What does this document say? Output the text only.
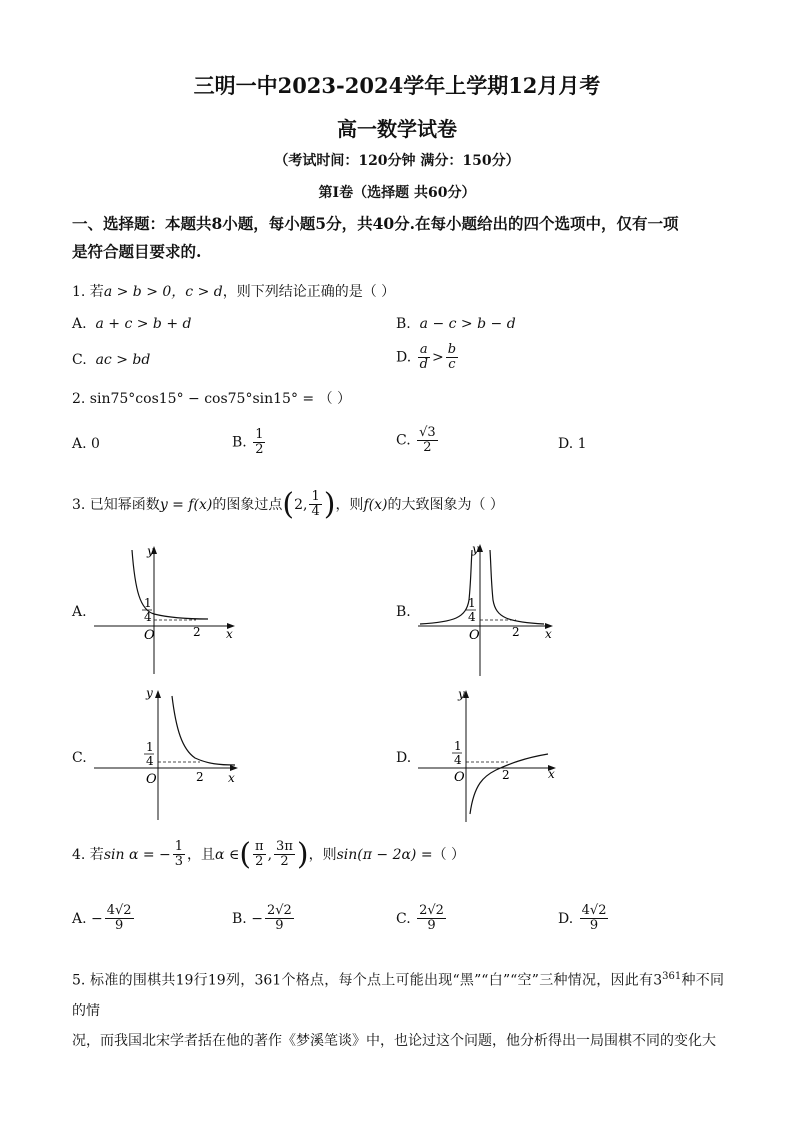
三明一中2023-2024学年上学期12月月考
高一数学试卷
（考试时间：120分钟 满分：150分）
第I卷（选择题 共60分）
一、选择题：本题共8小题，每小题5分，共40分.在每小题给出的四个选项中，仅有一项
是符合题目要求的.
1. 若a > b > 0，c > d，则下列结论正确的是（ ）
A. a + c > b + d	B. a − c > b − d
C. ac > bd	D. $\frac{a}{d} > \frac{b}{c}$
2. sin75°cos15° − cos75°sin15° = （ ）
A. 0	B. $\frac{1}{2}$	C. $\frac{√3}{2}$	D. 1
3. 已知幂函数 y = f(x) 的图象过点 ( 2, $\frac{1}{4}$ ) ，则 f(x) 的大致图象为（ ）
A.	B.
C.	D.
y
x
O
1
4
2
y
x
O
1
4
2
y
x
O
1
4
2
y
x
O
1
4
2
4. 若 sin α = − $\frac{1}{3}$ ，且 α ∈ ( $\frac{\pi}{2}$ , $\frac{3\pi}{2}$ ) ，则 sin(π − 2α) = （ ）
A.
− $\frac{4√2}{9}$	B.
− $\frac{2√2}{9}$	C.
$\frac{2√2}{9}$	D.
$\frac{4√2}{9}$
5. 标准的围棋共19行19列，361个格点，每个点上可能出现“黑”“白”“空”三种情况，因此有$3^{361}$种不同的情
况，而我国北宋学者括在他的著作《梦溪笔谈》中，也论过这个问题，他分析得出一局围棋不同的变化大
